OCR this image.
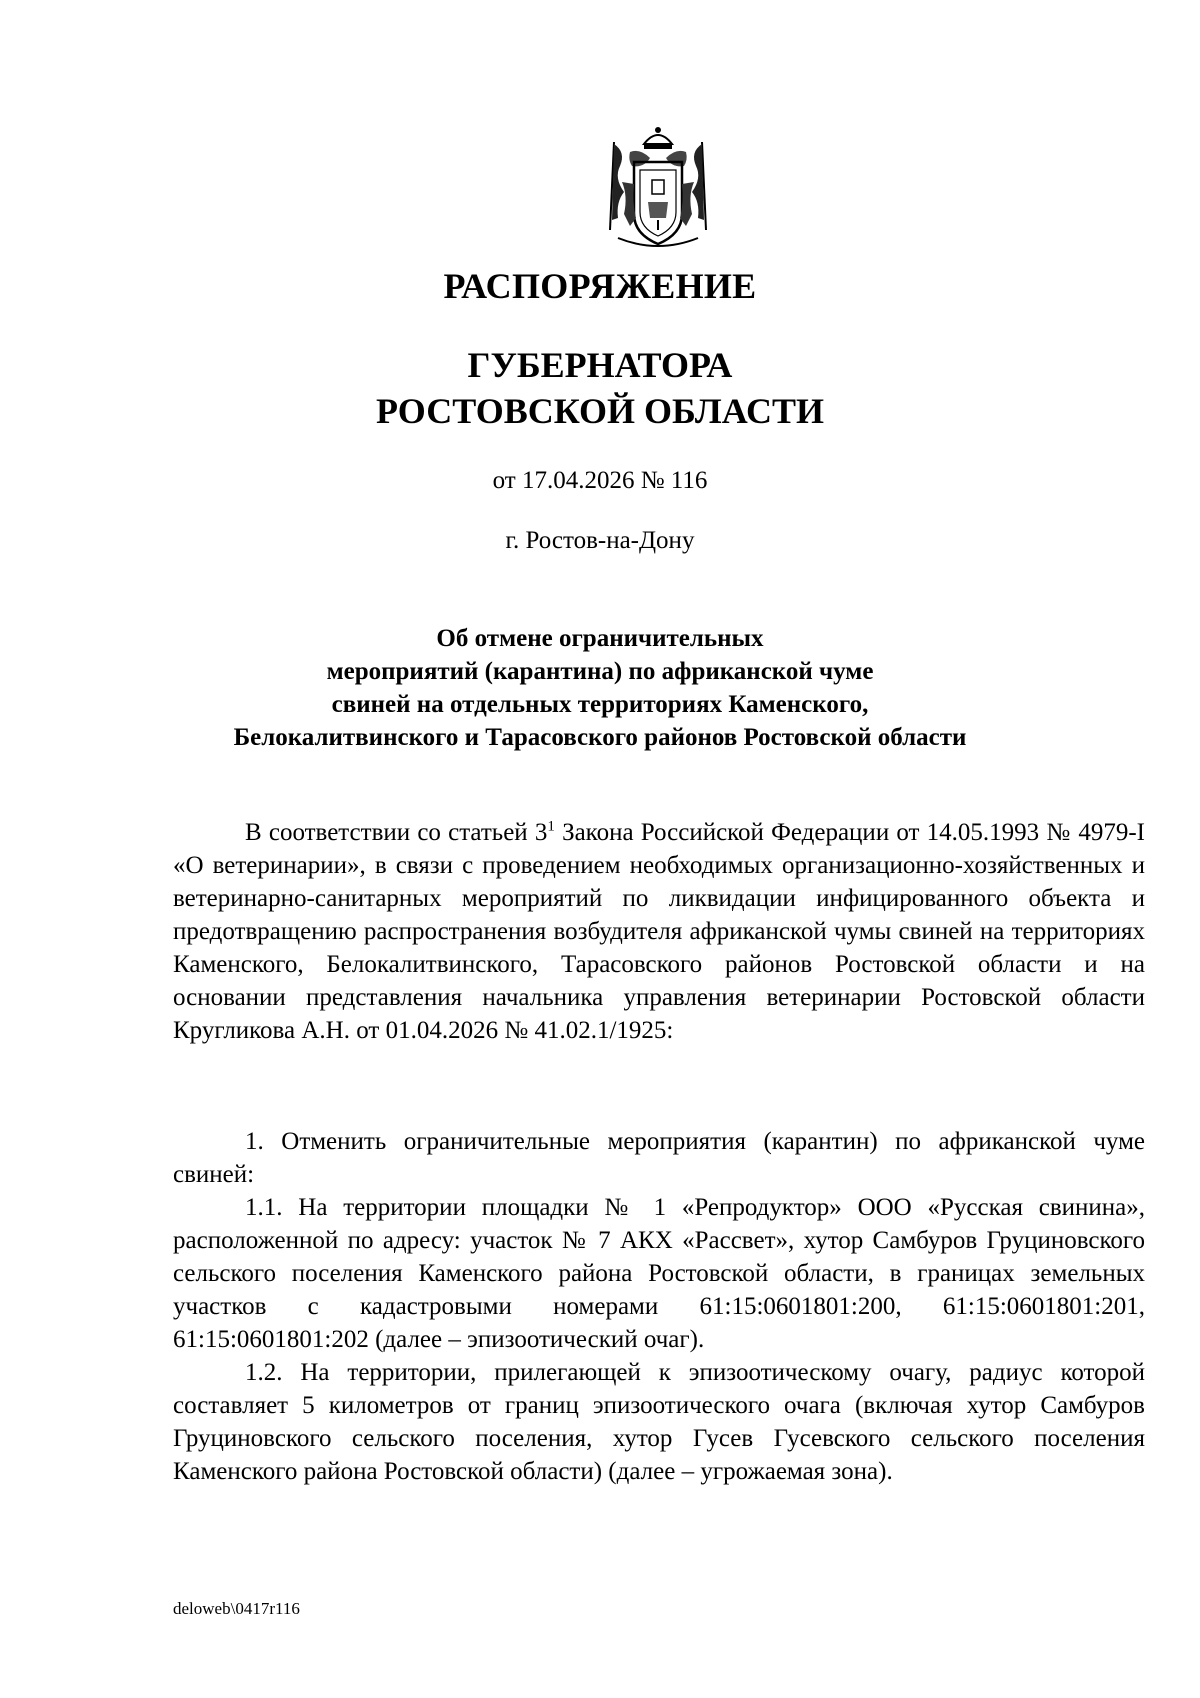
РАСПОРЯЖЕНИЕ
ГУБЕРНАТОРА
РОСТОВСКОЙ ОБЛАСТИ
от 17.04.2026 № 116
г. Ростов-на-Дону
Об отмене ограничительных
мероприятий (карантина) по африканской чуме
свиней на отдельных территориях Каменского,
Белокалитвинского и Тарасовского районов Ростовской области

В соответствии со статьей $3^1$ Закона Российской Федерации от 14.05.1993 № 4979-I «О ветеринарии», в связи с проведением необходимых организационно-хозяйственных и ветеринарно-санитарных мероприятий по ликвидации инфицированного объекта и предотвращению распространения возбудителя африканской чумы свиней на территориях Каменского, Белокалитвинского, Тарасовского районов Ростовской области и на основании представления начальника управления ветеринарии Ростовской области Кругликова А.Н. от 01.04.2026 № 41.02.1/1925:

1. Отменить ограничительные мероприятия (карантин) по африканской чуме свиней:

1.1. На территории площадки № 1 «Репродуктор» ООО «Русская свинина», расположенной по адресу: участок № 7 АКХ «Рассвет», хутор Самбуров Груциновского сельского поселения Каменского района Ростовской области, в границах земельных участков с кадастровыми номерами 61:15:0601801:200, 61:15:0601801:201, 61:15:0601801:202 (далее – эпизоотический очаг).

1.2. На территории, прилегающей к эпизоотическому очагу, радиус которой составляет 5 километров от границ эпизоотического очага (включая хутор Самбуров Груциновского сельского поселения, хутор Гусев Гусевского сельского поселения Каменского района Ростовской области) (далее – угрожаемая зона).

deloweb\0417r116
